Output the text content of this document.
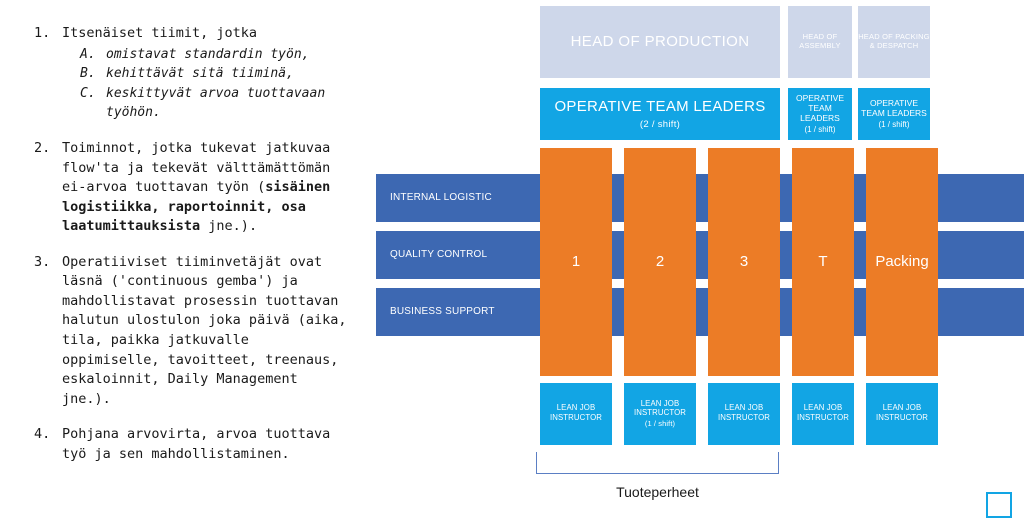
1. Itsenäiset tiimit, jotka
A. omistavat standardin työn,
B. kehittävät sitä tiiminä,
C. keskittyvät arvoa tuottavaan työhön.
2. Toiminnot, jotka tukevat jatkuvaa flow'ta ja tekevät välttämättömän ei-arvoa tuottavan työn (sisäinen logistiikka, raportoinnit, osa laatumittauksista jne.).
3. Operatiiviset tiiminvetäjät ovat läsnä ('continuous gemba') ja mahdollistavat prosessin tuottavan halutun ulostulon joka päivä (aika, tila, paikka jatkuvalle oppimiselle, tavoitteet, treenaus, eskaloinnit, Daily Management jne.).
4. Pohjana arvovirta, arvoa tuottava työ ja sen mahdollistaminen.
HEAD OF PRODUCTION	HEAD OF ASSEMBLY
HEAD OF PACKING & DESPATCH
OPERATIVE TEAM LEADERS
(2 / shift)
OPERATIVE TEAM LEADERS
(1 / shift)
OPERATIVE TEAM LEADERS
(1 / shift)
1	2	3	T	Packing
INTERNAL LOGISTIC
QUALITY CONTROL
BUSINESS SUPPORT
LEAN JOB INSTRUCTOR
LEAN JOB INSTRUCTOR
(1 / shift)
LEAN JOB INSTRUCTOR
LEAN JOB INSTRUCTOR
LEAN JOB INSTRUCTOR
Tuoteperheet
